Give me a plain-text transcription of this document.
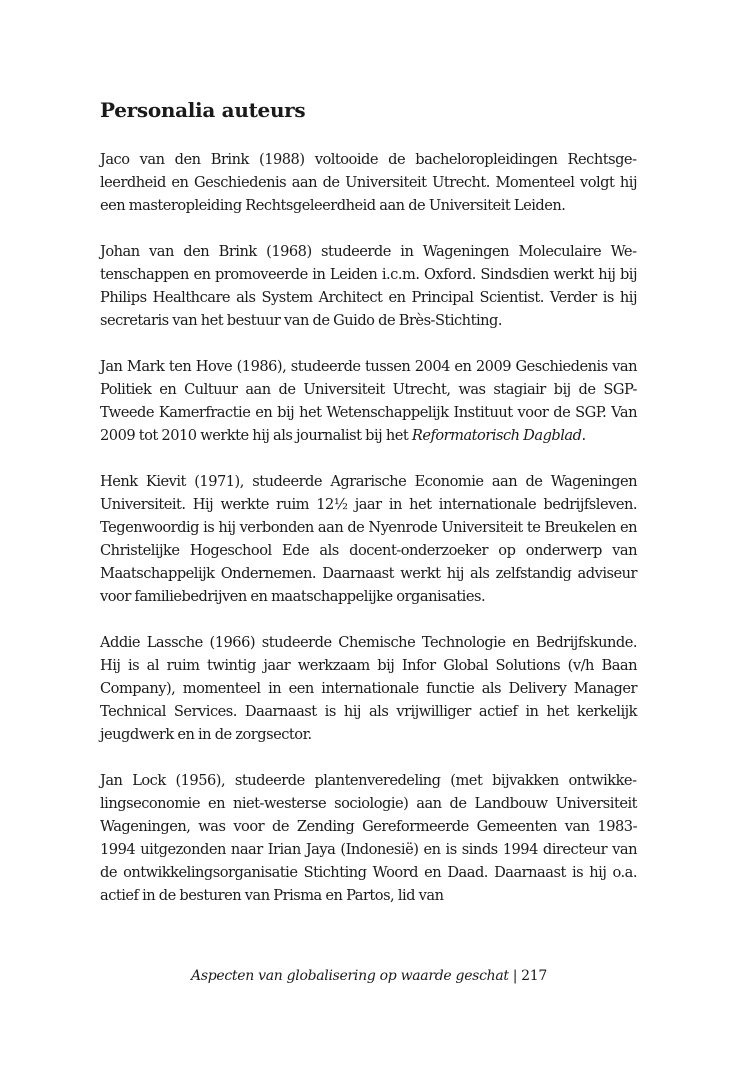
Personalia auteurs

Jaco van den Brink (1988) voltooide de bacheloropleidingen Rechtsgeleerdheid en Geschiedenis aan de Universiteit Utrecht. Momenteel volgt hij een masteropleiding Rechtsgeleerdheid aan de Universiteit Leiden.

Johan van den Brink (1968) studeerde in Wageningen Moleculaire Wetenschappen en promoveerde in Leiden i.c.m. Oxford. Sindsdien werkt hij bij Philips Healthcare als System Architect en Principal Scientist. Verder is hij secretaris van het bestuur van de Guido de Brès-Stichting.

Jan Mark ten Hove (1986), studeerde tussen 2004 en 2009 Geschiedenis van Politiek en Cultuur aan de Universiteit Utrecht, was stagiair bij de SGP-Tweede Kamerfractie en bij het Wetenschappelijk Instituut voor de SGP. Van 2009 tot 2010 werkte hij als journalist bij het Reformatorisch Dagblad.

Henk Kievit (1971), studeerde Agrarische Economie aan de Wageningen Universiteit. Hij werkte ruim 12½ jaar in het internationale bedrijfsleven. Tegenwoordig is hij verbonden aan de Nyenrode Universiteit te Breukelen en Christelijke Hogeschool Ede als docent-onderzoeker op onderwerp van Maatschappelijk Ondernemen. Daarnaast werkt hij als zelfstandig adviseur voor familiebedrijven en maatschappelijke organisaties.

Addie Lassche (1966) studeerde Chemische Technologie en Bedrijfskunde. Hij is al ruim twintig jaar werkzaam bij Infor Global Solutions (v/h Baan Company), momenteel in een internationale functie als Delivery Manager Technical Services. Daarnaast is hij als vrijwilliger actief in het kerkelijk jeugdwerk en in de zorgsector.

Jan Lock (1956), studeerde plantenveredeling (met bijvakken ontwikkelingseconomie en niet-westerse sociologie) aan de Landbouw Universiteit Wageningen, was voor de Zending Gereformeerde Gemeenten van 1983-1994 uitgezonden naar Irian Jaya (Indonesië) en is sinds 1994 directeur van de ontwikkelingsorganisatie Stichting Woord en Daad. Daarnaast is hij o.a. actief in de besturen van Prisma en Partos, lid van

Aspecten van globalisering op waarde geschat | 217
